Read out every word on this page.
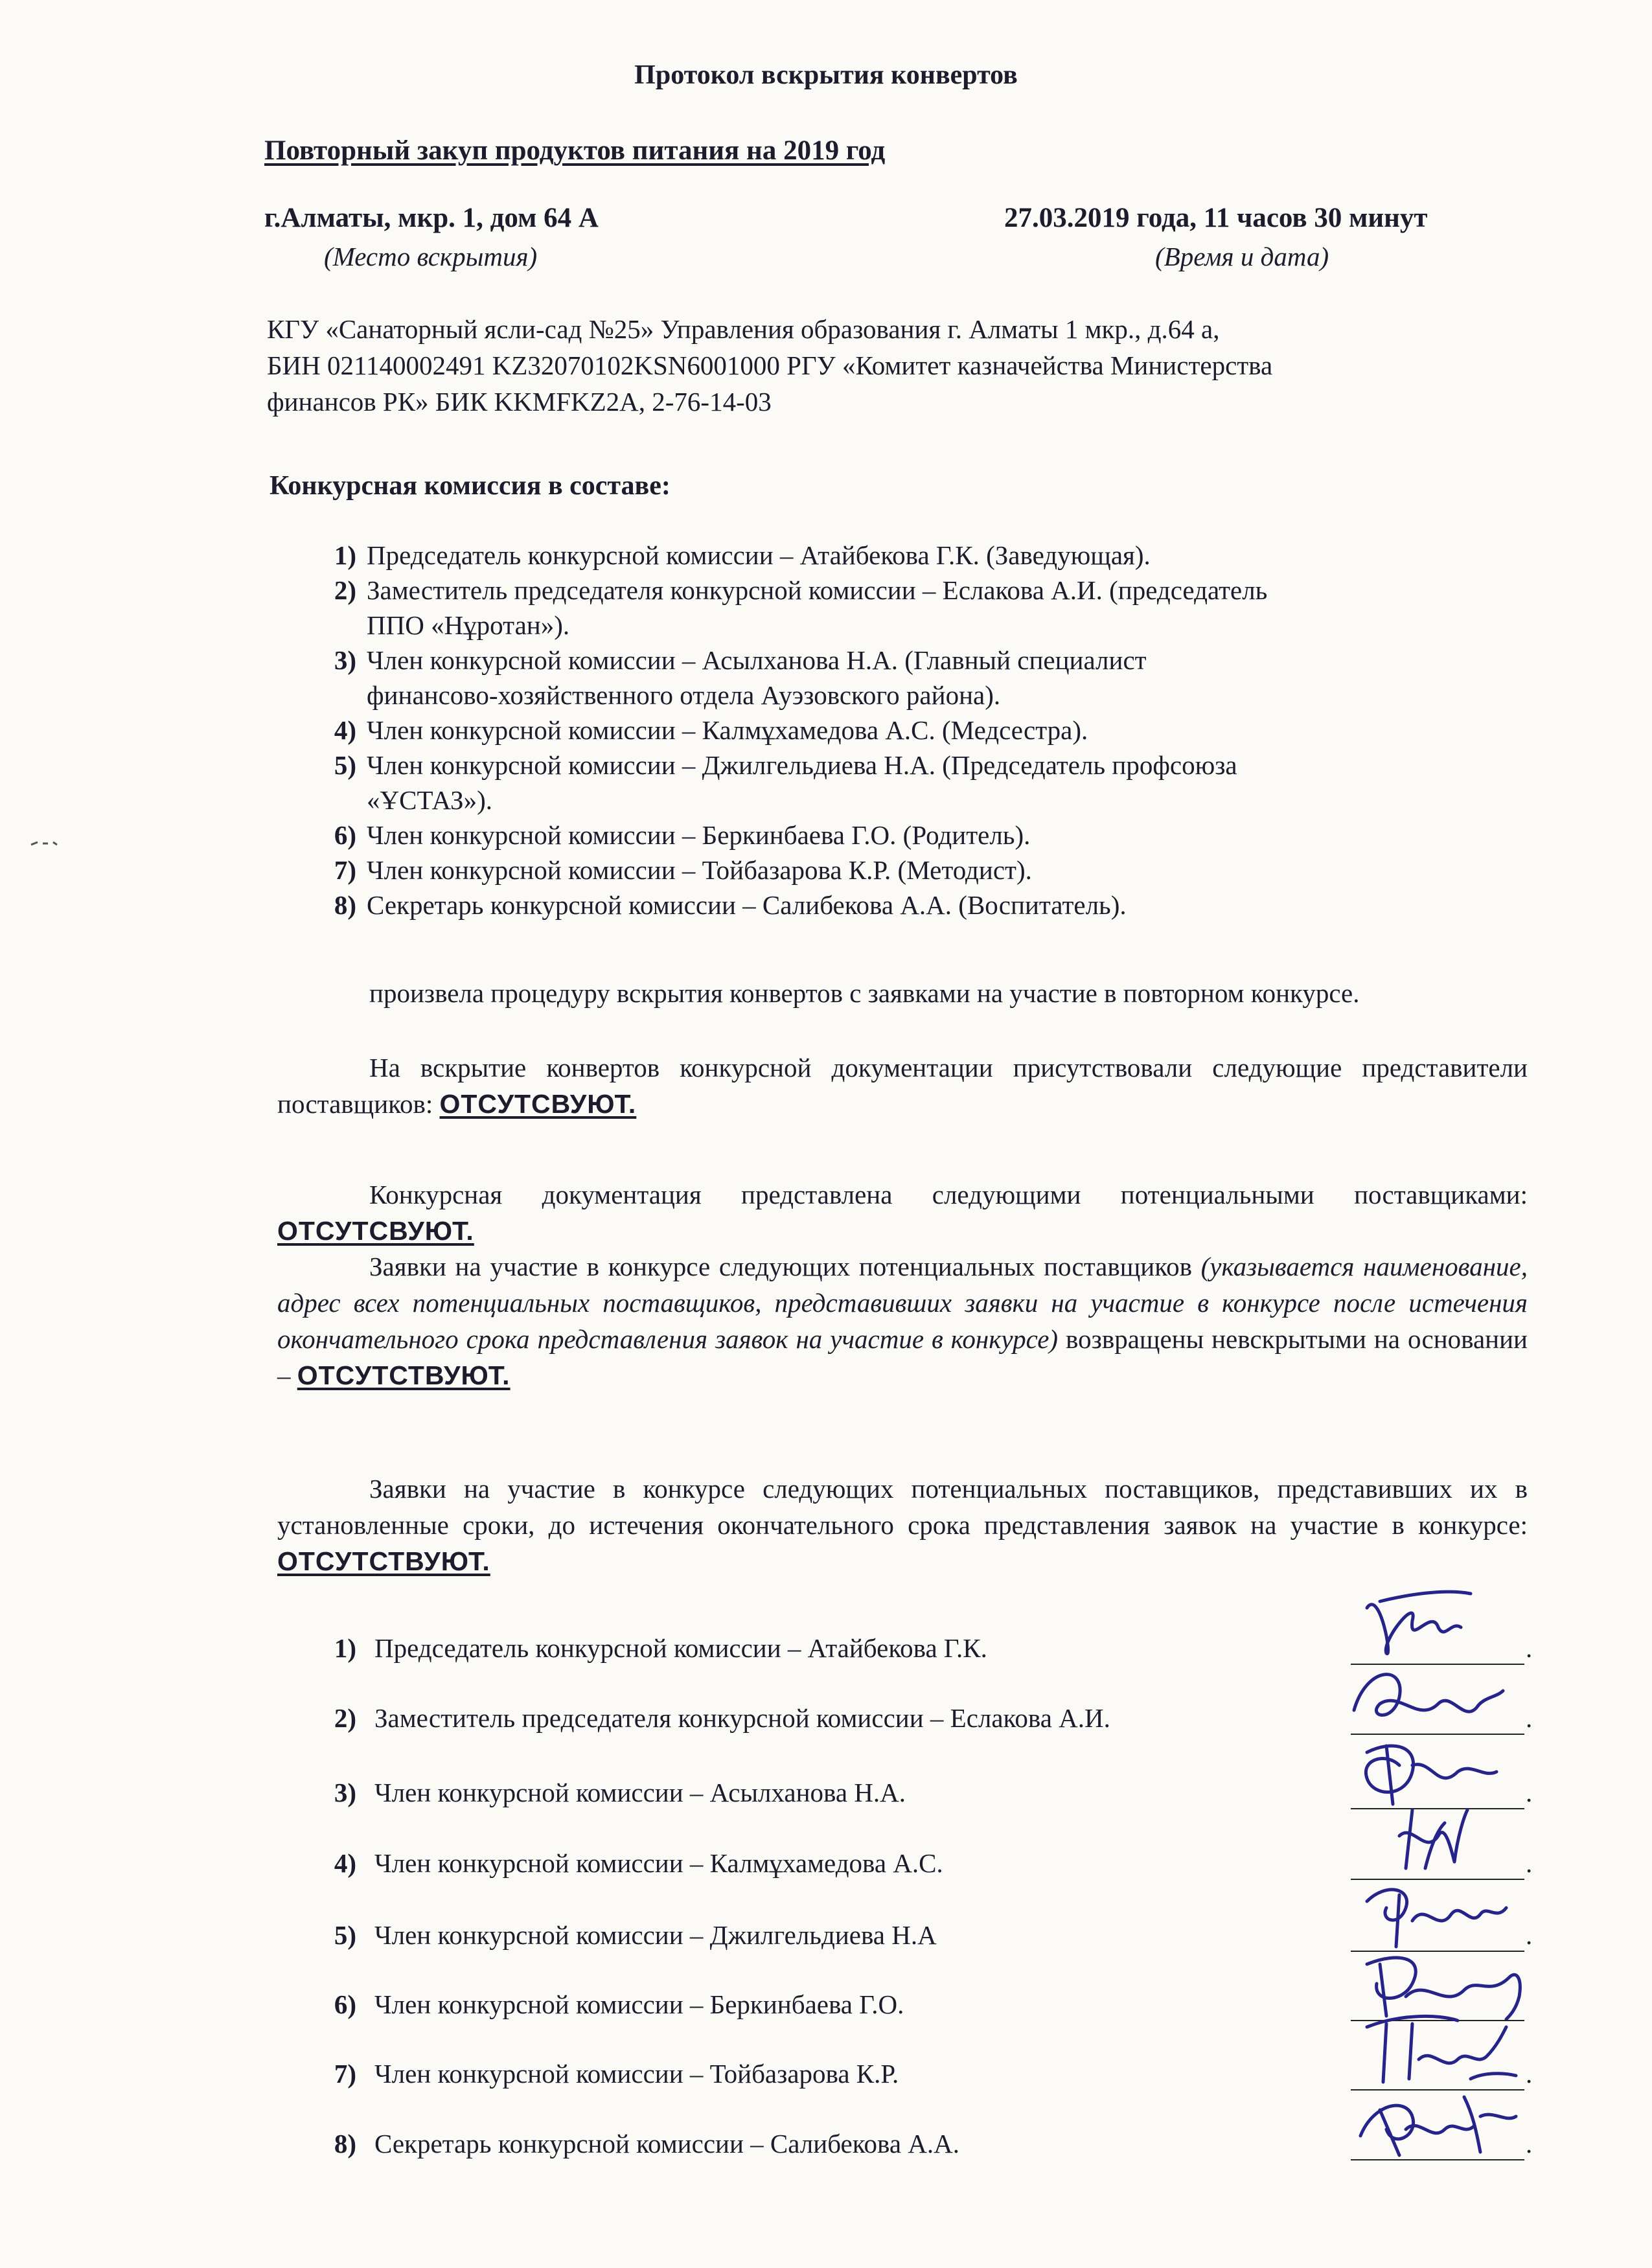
Протокол вскрытия конвертов
Повторный закуп продуктов питания на 2019 год
г.Алматы, мкр. 1, дом 64 А
(Место вскрытия)
27.03.2019 года, 11 часов 30 минут
(Время и дата)
КГУ «Санаторный ясли-сад №25» Управления образования г. Алматы 1 мкр., д.64 а,
БИН 021140002491 KZ32070102KSN6001000 РГУ «Комитет казначейства Министерства
финансов РК» БИК KKMFKZ2A, 2-76-14-03
Конкурсная комиссия в составе:
1) Председатель конкурсной комиссии – Атайбекова Г.К. (Заведующая).
2) Заместитель председателя конкурсной комиссии – Еслакова А.И. (председатель
ППО «Нұротан»).
3) Член конкурсной комиссии – Асылханова Н.А. (Главный специалист
финансово-хозяйственного отдела Ауэзовского района).
4) Член конкурсной комиссии – Калмұхамедова А.С. (Медсестра).
5) Член конкурсной комиссии – Джилгельдиева Н.А. (Председатель профсоюза
«ҰСТАЗ»).
6) Член конкурсной комиссии – Беркинбаева Г.О. (Родитель).
7) Член конкурсной комиссии – Тойбазарова К.Р. (Методист).
8) Секретарь конкурсной комиссии – Салибекова А.А. (Воспитатель).
произвела процедуру вскрытия конвертов с заявками на участие в повторном конкурсе.
На вскрытие конвертов конкурсной документации присутствовали следующие представители поставщиков: ОТСУТСВУЮТ.
Конкурсная документация представлена следующими потенциальными поставщиками: ОТСУТСВУЮТ.
Заявки на участие в конкурсе следующих потенциальных поставщиков (указывается наименование, адрес всех потенциальных поставщиков, представивших заявки на участие в конкурсе после истечения окончательного срока представления заявок на участие в конкурсе) возвращены невскрытыми на основании – ОТСУТСТВУЮТ.
Заявки на участие в конкурсе следующих потенциальных поставщиков, представивших их в установленные сроки, до истечения окончательного срока представления заявок на участие в конкурсе: ОТСУТСТВУЮТ.
1) Председатель конкурсной комиссии – Атайбекова Г.К.	.
2) Заместитель председателя конкурсной комиссии – Еслакова А.И.	.
3) Член конкурсной комиссии – Асылханова Н.А.	.
4) Член конкурсной комиссии – Калмұхамедова А.С.	.
5) Член конкурсной комиссии – Джилгельдиева Н.А	.
6) Член конкурсной комиссии – Беркинбаева Г.О.
7) Член конкурсной комиссии – Тойбазарова К.Р.	.
8) Секретарь конкурсной комиссии – Салибекова А.А.	.
